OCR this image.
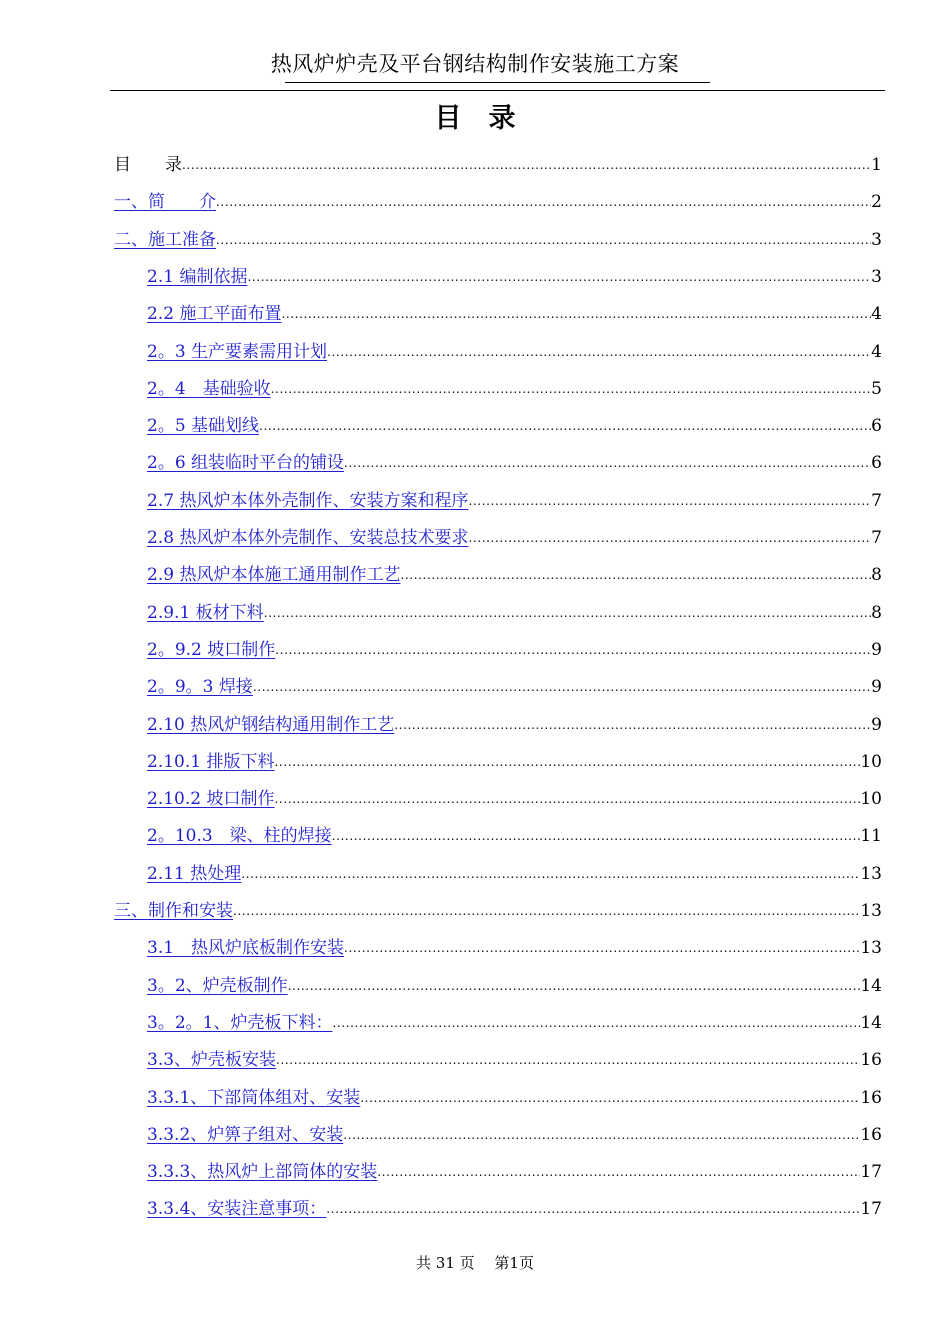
热风炉炉壳及平台钢结构制作安装施工方案
目　录
目　　录 .....	1
一、简　　介 .....	2
二、施工准备 .....	3
2.1 编制依据 .....	3
2.2 施工平面布置 .....	4
2。3 生产要素需用计划 .....	4
2。4　基础验收 .....	5
2。5 基础划线 .....	6
2。6 组装临时平台的铺设 .....	6
2.7 热风炉本体外壳制作、安装方案和程序 .....	7
2.8 热风炉本体外壳制作、安装总技术要求 .....	7
2.9 热风炉本体施工通用制作工艺 .....	8
2.9.1 板材下料 .....	8
2。9.2 坡口制作 .....	9
2。9。3 焊接 .....	9
2.10 热风炉钢结构通用制作工艺 .....	9
2.10.1 排版下料 .....	10
2.10.2 坡口制作 .....	10
2。10.3　梁、柱的焊接 .....	11
2.11 热处理 .....	13
三、制作和安装 .....	13
3.1　热风炉底板制作安装 .....	13
3。2、炉壳板制作 .....	14
3。2。1、炉壳板下料： .....	14
3.3、炉壳板安装 .....	16
3.3.1、下部筒体组对、安装 .....	16
3.3.2、炉箅子组对、安装 .....	16
3.3.3、热风炉上部筒体的安装 .....	17
3.3.4、安装注意事项： .....	17
共 31 页　 第1页
